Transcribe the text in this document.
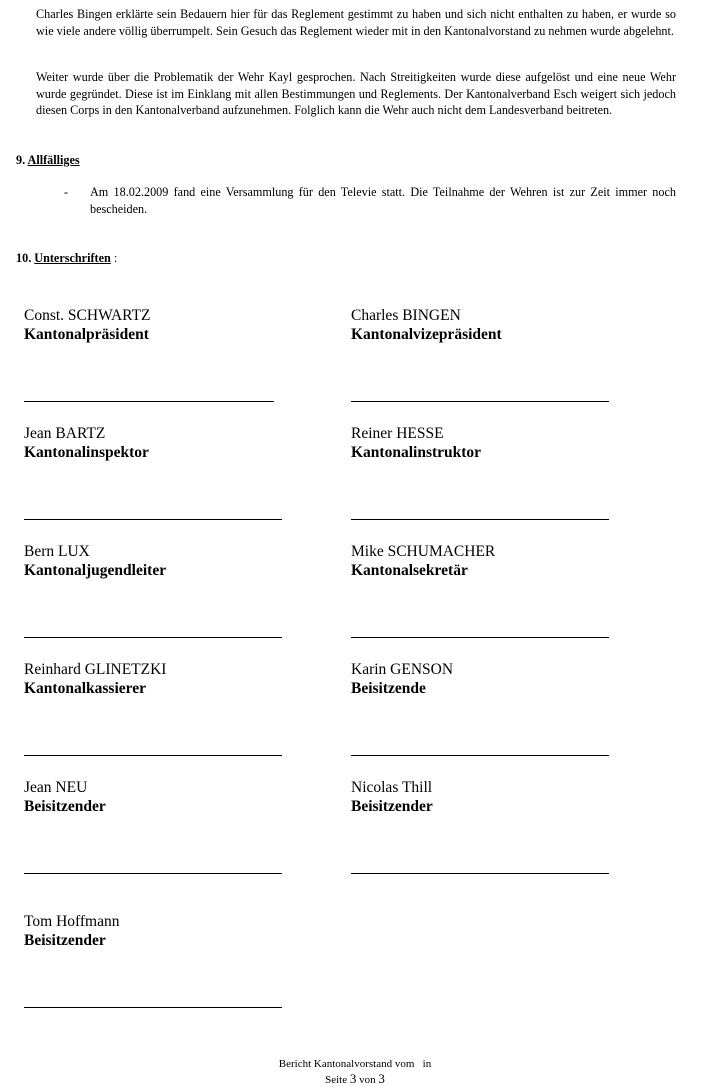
Charles Bingen erklärte sein Bedauern hier für das Reglement gestimmt zu haben und sich nicht enthalten zu haben, er wurde so wie viele andere völlig überrumpelt. Sein Gesuch das Reglement wieder mit in den Kantonalvorstand zu nehmen wurde abgelehnt.

Weiter wurde über die Problematik der Wehr Kayl gesprochen. Nach Streitigkeiten wurde diese aufgelöst und eine neue Wehr wurde gegründet. Diese ist im Einklang mit allen Bestimmungen und Reglements. Der Kantonalverband Esch weigert sich jedoch diesen Corps in den Kantonalverband aufzunehmen. Folglich kann die Wehr auch nicht dem Landesverband beitreten.

9. Allfälliges
- Am 18.02.2009 fand eine Versammlung für den Televie statt. Die Teilnahme der Wehren ist zur Zeit immer noch bescheiden.
10. Unterschriften :
Const. SCHWARTZ
Kantonalpräsident
Charles BINGEN
Kantonalvizepräsident
Jean BARTZ
Kantonalinspektor
Reiner HESSE
Kantonalinstruktor
Bern LUX
Kantonaljugendleiter
Mike SCHUMACHER
Kantonalsekretär
Reinhard GLINETZKI
Kantonalkassierer
Karin GENSON
Beisitzende
Jean NEU
Beisitzender
Nicolas Thill
Beisitzender
Tom Hoffmann
Beisitzender
Bericht Kantonalvorstand vom   in
Seite 3 von 3
